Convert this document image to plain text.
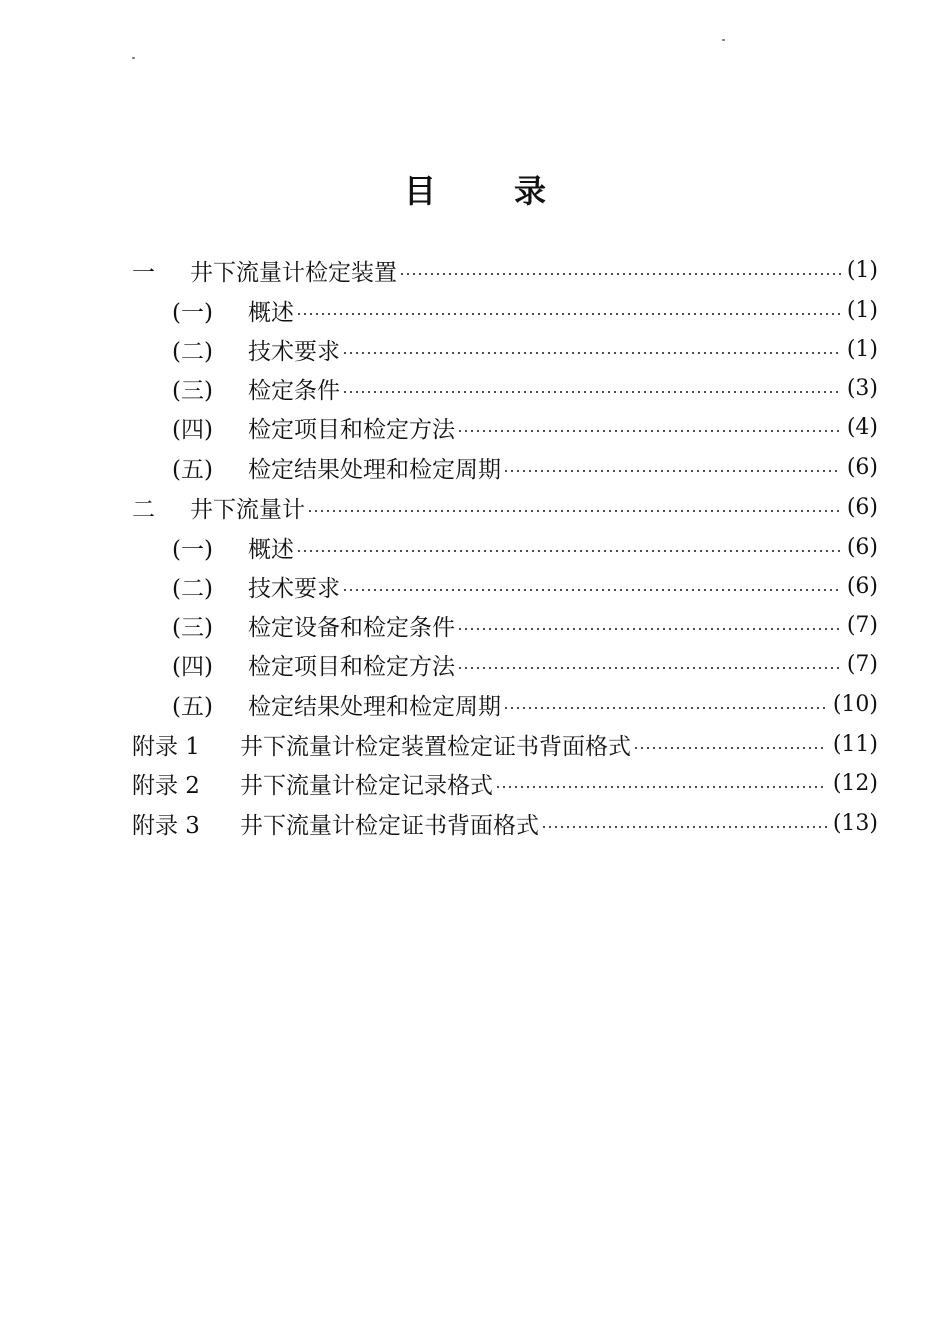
目 录
一	井下流量计检定装置	(1)
(一)	概述	(1)
(二)	技术要求	(1)
(三)	检定条件	(3)
(四)	检定项目和检定方法	(4)
(五)	检定结果处理和检定周期	(6)
二	井下流量计	(6)
(一)	概述	(6)
(二)	技术要求	(6)
(三)	检定设备和检定条件	(7)
(四)	检定项目和检定方法	(7)
(五)	检定结果处理和检定周期	(10)
附录 1	井下流量计检定装置检定证书背面格式	(11)
附录 2	井下流量计检定记录格式	(12)
附录 3	井下流量计检定证书背面格式	(13)
